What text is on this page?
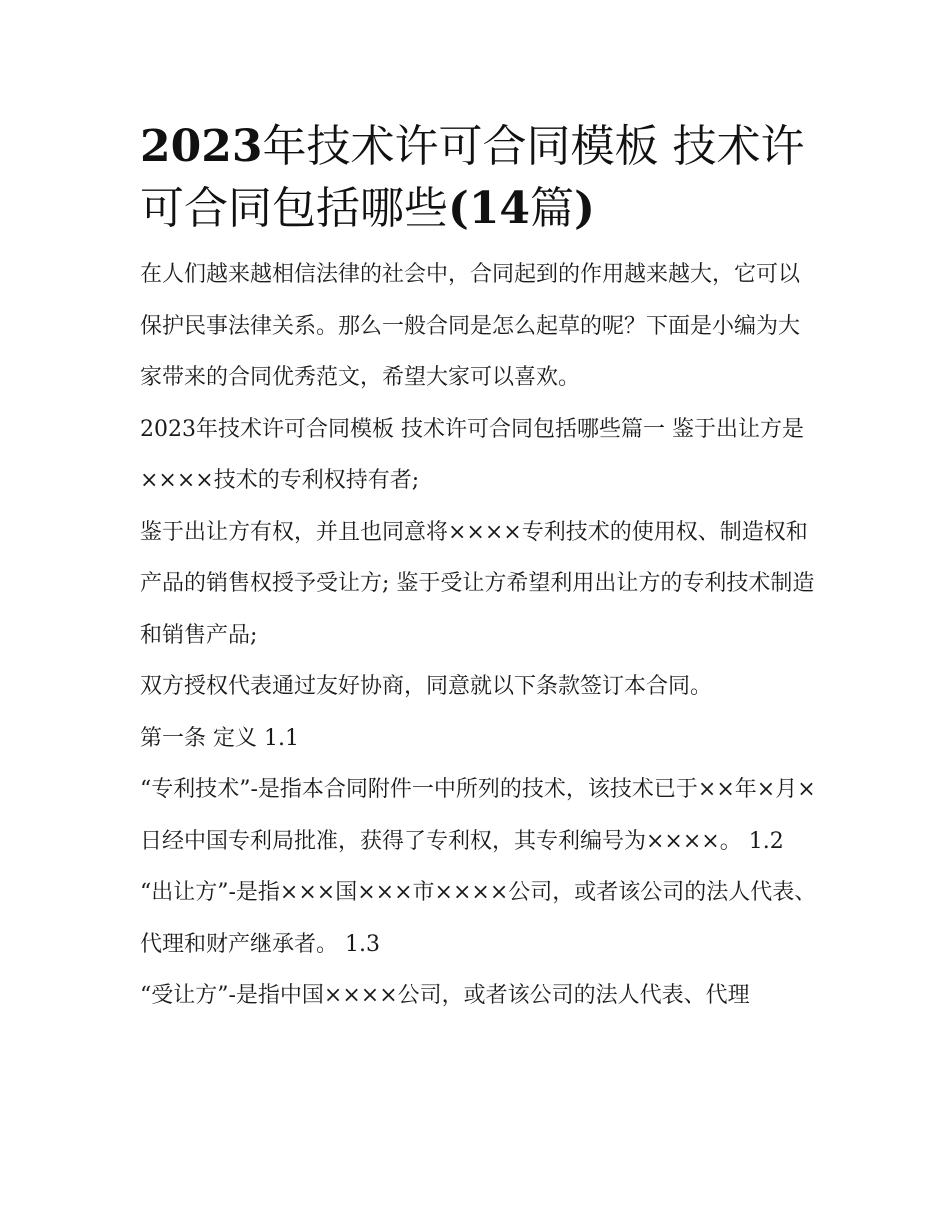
2023年技术许可合同模板 技术许可合同包括哪些(14篇)

在人们越来越相信法律的社会中，合同起到的作用越来越大，它可以保护民事法律关系。那么一般合同是怎么起草的呢？下面是小编为大家带来的合同优秀范文，希望大家可以喜欢。

2023年技术许可合同模板 技术许可合同包括哪些篇一 鉴于出让方是××××技术的专利权持有者;

鉴于出让方有权，并且也同意将××××专利技术的使用权、制造权和产品的销售权授予受让方; 鉴于受让方希望利用出让方的专利技术制造和销售产品;

双方授权代表通过友好协商，同意就以下条款签订本合同。

第一条 定义 1.1

“专利技术”-是指本合同附件一中所列的技术，该技术已于××年×月×日经中国专利局批准，获得了专利权，其专利编号为××××。 1.2

“出让方”-是指×××国×××市××××公司，或者该公司的法人代表、代理和财产继承者。 1.3

“受让方”-是指中国××××公司，或者该公司的法人代表、代理
